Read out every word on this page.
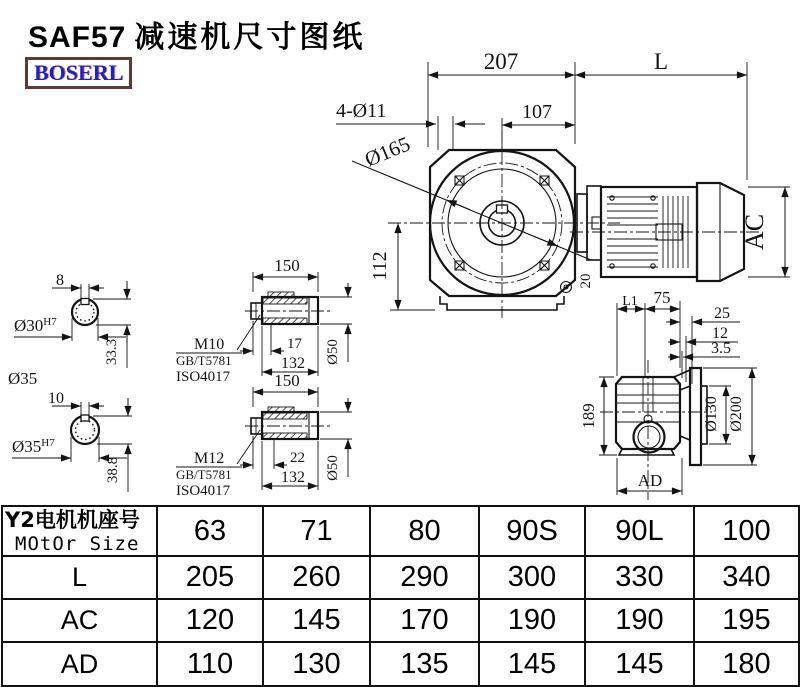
SAF57 减速机尺寸图纸
BOSERL
Ø165
20
207	L
107
4-Ø11
112
AC
189
L1 75
25
12
3.5
Ø130 Ø200
AD
8
$Ø30^{H7}$
33.3
Ø35
10
$Ø35^{H7}$
38.8
150
M10
GB/T5781
ISO4017
17
132 Ø50
150
M12
GB/T5781
ISO4017
22
132 Ø50
Y2电机机座号
MOtOr Size	63	71	80	90S	90L	100
L	205	260	290	300	330	340
AC	120	145	170	190	190	195
AD	110	130	135	145	145	180
